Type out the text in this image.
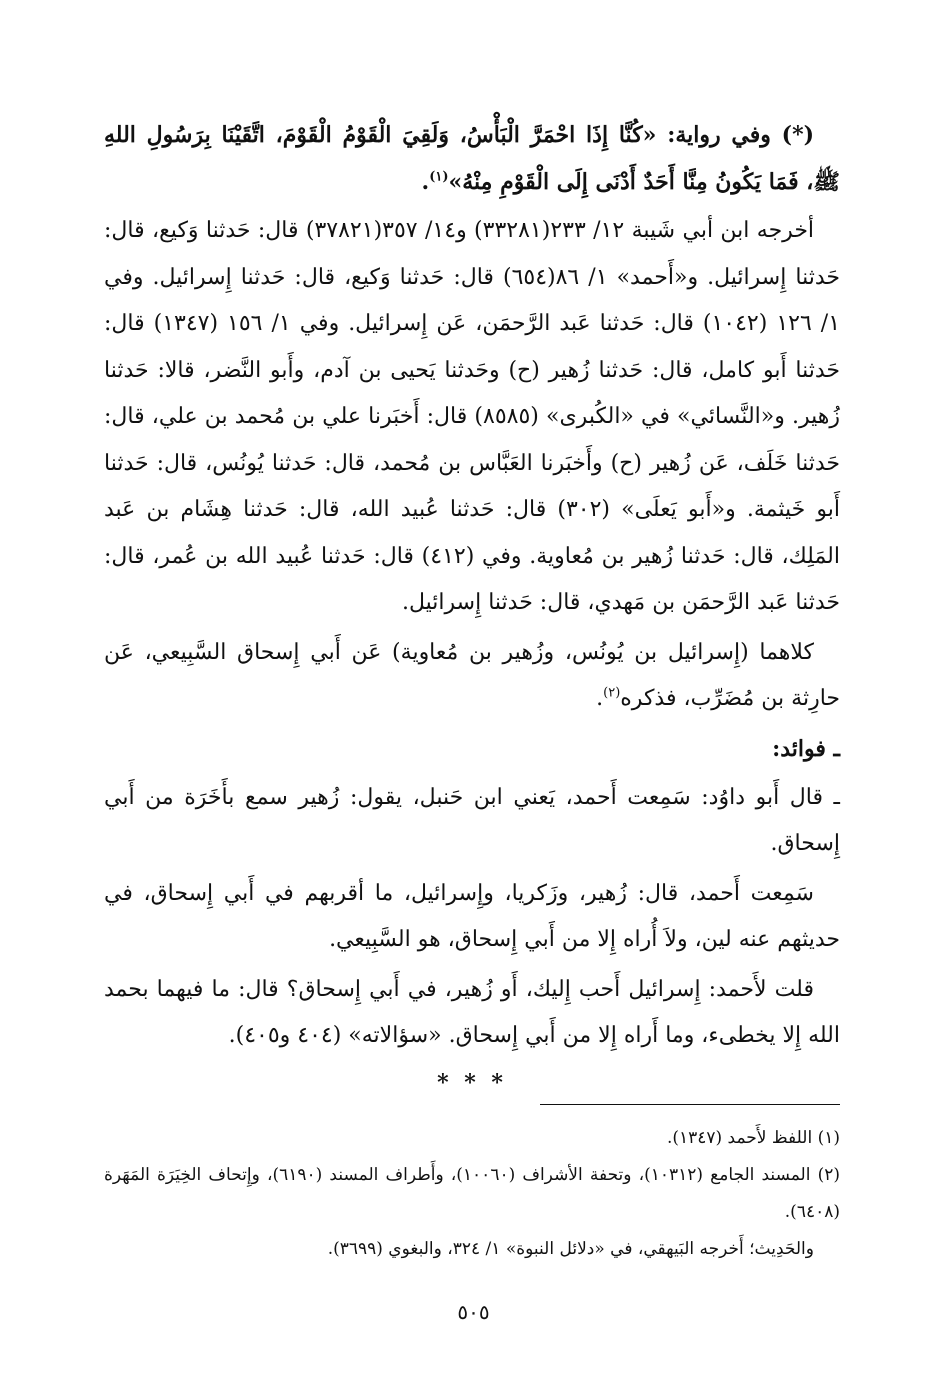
(*) وفي رواية: «كُنَّا إِذَا احْمَرَّ الْبَأْسُ، وَلَقِيَ الْقَوْمُ الْقَوْمَ، اتَّقَيْنَا بِرَسُولِ اللهِ ﷺ، فَمَا يَكُونُ مِنَّا أَحَدٌ أَدْنَى إِلَى الْقَوْمِ مِنْهُ»$^{(١)}$.

أخرجه ابن أبي شَيبة ١٢/ ٢٣٣(٣٣٢٨١) و١٤/ ٣٥٧(٣٧٨٢١) قال: حَدثنا وَكيع، قال: حَدثنا إِسرائيل. و«أَحمد» ١/ ٨٦(٦٥٤) قال: حَدثنا وَكيع، قال: حَدثنا إِسرائيل. وفي ١/ ١٢٦ (١٠٤٢) قال: حَدثنا عَبد الرَّحمَن، عَن إِسرائيل. وفي ١/ ١٥٦ (١٣٤٧) قال: حَدثنا أَبو كامل، قال: حَدثنا زُهير (ح) وحَدثنا يَحيى بن آدم، وأَبو النَّضر، قالا: حَدثنا زُهير. و«النَّسائي» في «الكُبرى» (٨٥٨٥) قال: أَخبَرنا علي بن مُحمد بن علي، قال: حَدثنا خَلَف، عَن زُهير (ح) وأَخبَرنا العَبَّاس بن مُحمد، قال: حَدثنا يُونُس، قال: حَدثنا أَبو خَيثمة. و«أَبو يَعلَى» (٣٠٢) قال: حَدثنا عُبيد الله، قال: حَدثنا هِشَام بن عَبد المَلِك، قال: حَدثنا زُهير بن مُعاوية. وفي (٤١٢) قال: حَدثنا عُبيد الله بن عُمر، قال: حَدثنا عَبد الرَّحمَن بن مَهدي، قال: حَدثنا إِسرائيل.

كلاهما (إِسرائيل بن يُونُس، وزُهير بن مُعاوية) عَن أَبي إِسحاق السَّبِيعي، عَن حارِثة بن مُضَرِّب، فذكره$^{(٢)}$.

ـ فوائد:

ـ قال أَبو داوُد: سَمِعت أَحمد، يَعني ابن حَنبل، يقول: زُهير سمع بأَخَرَة من أَبي إِسحاق.

سَمِعت أَحمد، قال: زُهير، وزَكريا، وإِسرائيل، ما أقربهم في أَبي إِسحاق، في حديثهم عنه لين، ولاَ أُراه إِلا من أَبي إِسحاق، هو السَّبِيعي.

قلت لأَحمد: إِسرائيل أَحب إِليك، أَو زُهير، في أَبي إِسحاق؟ قال: ما فيهما بحمد الله إِلا يخطىء، وما أَراه إِلا من أَبي إِسحاق. «سؤالاته» (٤٠٤ و٤٠٥).

* * *

(١) اللفظ لأَحمد (١٣٤٧).

(٢) المسند الجامع (١٠٣١٢)، وتحفة الأشراف (١٠٠٦٠)، وأَطراف المسند (٦١٩٠)، وإِتحاف الخِيَرَة المَهَرة (٦٤٠٨).

والحَدِيث؛ أَخرجه البَيهقي، في «دلائل النبوة» ١/ ٣٢٤، والبغوي (٣٦٩٩).

٥٠٥
